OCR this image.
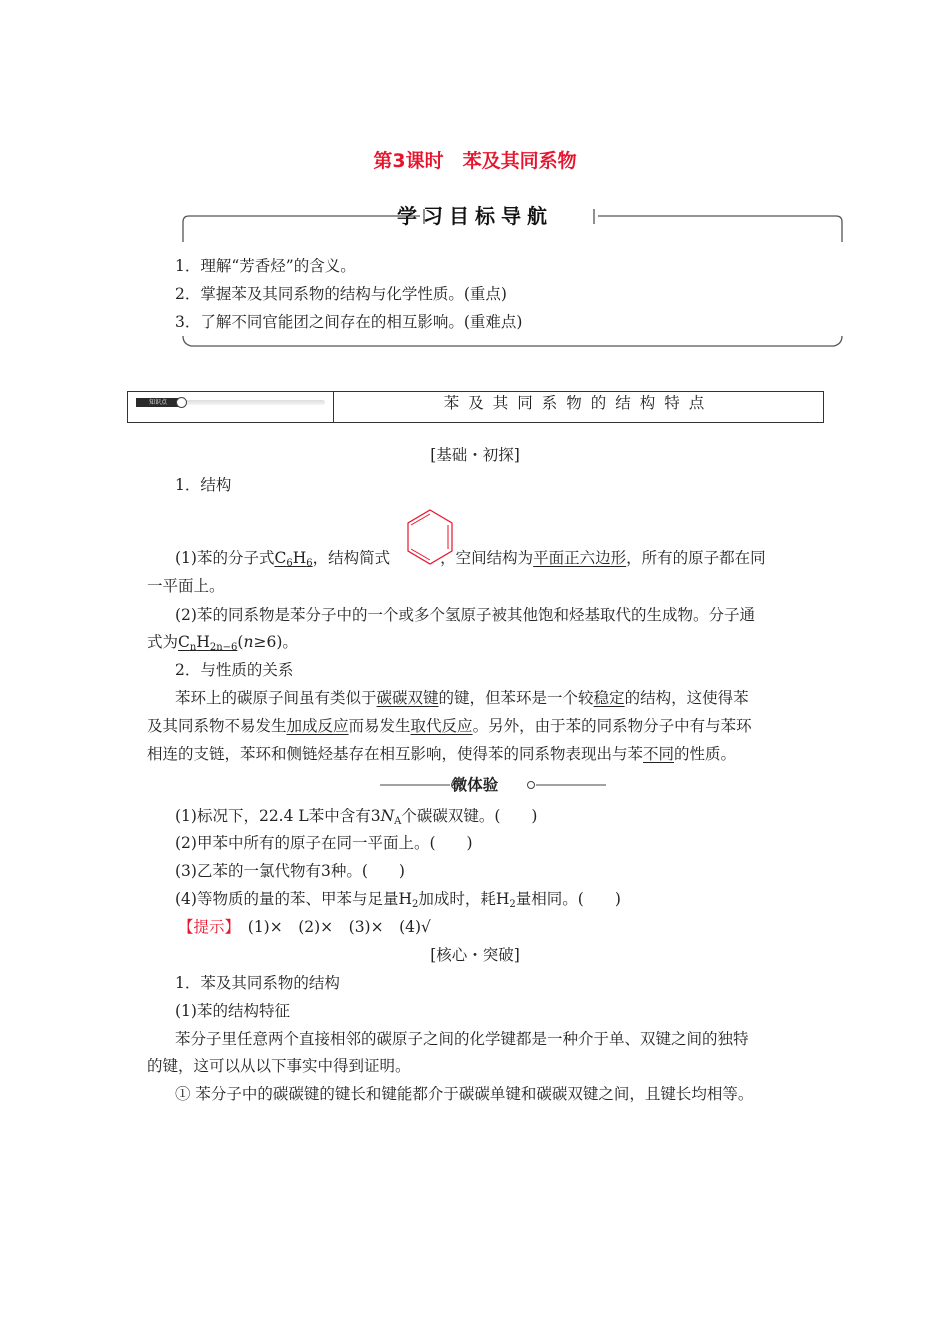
第3课时　苯及其同系物
学习目标导航
1．理解“芳香烃”的含义。
2．掌握苯及其同系物的结构与化学性质。(重点)
3．了解不同官能团之间存在的相互影响。(重难点)
知识点	苯及其同系物的结构特点
[基础・初探]
1．结构
(1)苯的分子式$C_6H_6$，结构简式	，空间结构为平面正六边形，所有的原子都在同
一平面上。
(2)苯的同系物是苯分子中的一个或多个氢原子被其他饱和烃基取代的生成物。分子通
式为$C_nH_{2n-6}(n\ge 6)$。
2．与性质的关系
苯环上的碳原子间虽有类似于碳碳双键的键，但苯环是一个较稳定的结构，这使得苯
及其同系物不易发生加成反应而易发生取代反应。另外，由于苯的同系物分子中有与苯环
相连的支链，苯环和侧链烃基存在相互影响，使得苯的同系物表现出与苯不同的性质。
微体验
(1)标况下，22.4 L苯中含有$3N_A$个碳碳双键。(　　)
(2)甲苯中所有的原子在同一平面上。(　　)
(3)乙苯的一氯代物有3种。(　　)
(4)等物质的量的苯、甲苯与足量$H_2$加成时，耗$H_2$量相同。(　　)
【提示】　(1)×　(2)×　(3)×　(4)√
[核心・突破]
1．苯及其同系物的结构
(1)苯的结构特征
苯分子里任意两个直接相邻的碳原子之间的化学键都是一种介于单、双键之间的独特
的键，这可以从以下事实中得到证明。
① 苯分子中的碳碳键的键长和键能都介于碳碳单键和碳碳双键之间，且键长均相等。
